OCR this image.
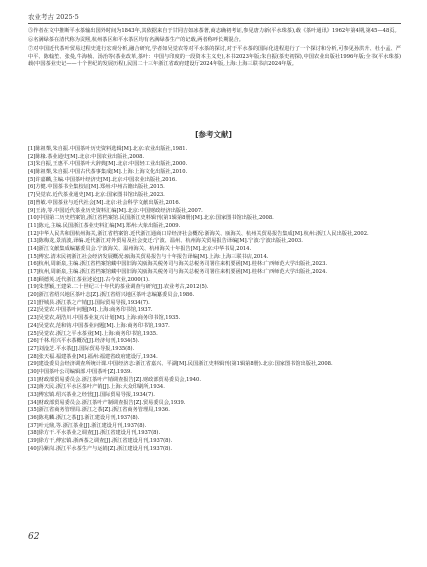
农业考古 2025·5

⑤作者在文中推断平水茶输出国外时间为1843年,其依据来自于甘同吉如冰茶著,商志确初考证,参见唐力新(平水珠茶),载《茶叶通讯》1962年第4期,第45—48页。

⑥名满绿茶在清代称为贡熙,杭州茶区和平水茶区均有名满绿茶生产的记载,两者称呼长期混合。

⑦对中国近代茶叶贸易过程史进行宏观分析,融合研究,学者如吴觉农等对平水茶的探讨,对于平水茶的国际化进程进行了一个探讨和分析,可参见孙洪升、杜小孟、严中平、陈翰笙、张曼,牛海桢、汤治等(茶业改革,茶叶：中国与印度的一段资本主义史),本书2023年版;朱自振(茶史初探),中国农业出版社1996年版;全书(平水珠茶)载(中国茶业史记——十个世纪的发展历程),民国二十三年浙江省政府建设厅2024年版,上海:上海三联书店2024年版。

[参考文献]

[1]陈祖槼,朱自振.中国茶叶历史资料选辑[M].北京:农业出版社,1981.

[2]陈椽.茶业通史[M].北京:中国农业出版社,2008.

[3]朱自振,王惠平.中国茶叶大辞典[M].北京:中国轻工业出版社,2000.

[4]陈祖槼,朱自振.中国古代茶事集成[M].上海:上海文化出版社,2010.

[5]许嘉麟,主编.中国茶叶经济史[M].北京:中国农业出版社,2016.

[6]方健.中国茶书全集校证[M].郑州:中州古籍出版社,2015.

[7]吴觉农.近代茶业通史[M].北京:国家图书馆出版社,2023.

[8]曾敏.中国茶业与近代社会[M].北京:社会科学文献出版社,2016.

[9]王涛,等.中国近代茶业历史资料汇编[M].北京:中国财政经济出版社,2007.

[10]中国第二历史档案馆,浙江省档案馆.民国浙江史料辑刊(第1辑第8册)[M].北京:国家图书馆出版社,2008.

[11]陈元,主编.民国浙江茶业史料汇编[M].郑州:大象出版社,2009.

[12]中华人民共和国杭州海关,浙江省档案馆.近代浙江通商口岸经济社会概况:浙海关、瓯海关、杭州关贸易报告集成[M].杭州:浙江人民出版社,2002.

[13]陈梅龙,景消波,译编.近代浙江对外贸易及社会变迁:宁波、温州、杭州海关贸易报告译编[M].宁波:宁波出版社,2003.

[14]浙江文献集成编纂委员会.宁波海关、温州海关、杭州海关十年报告[M].北京:中华书局,2014.

[15]傅宏.清末民初浙江社会经济发展概况:瓯海关贸易报告与十年报告译编[M].上海:上海三联书店,2014.

[16]杭州,周新泉,主编.浙江省档案馆藏中国旧海关瓯海关税务司与海关总税务司署往来机要函[M].桂林:广西师范大学出版社,2023.

[17]杭州,周新泉,主编.浙江省档案馆藏中国旧海关瓯海关税务司与海关总税务司署往来机要函[M].桂林:广西师范大学出版社,2024.

[18]顾德英.近代浙江茶业述论[J].古今农业,2000(1).

[19]朱慧颖,王建荣.二十世纪三十年代的茶业调查与研究[J].农业考古,2012(5).

[20]浙江省绍兴地区茶叶志[Z].浙江省绍兴地区茶叶志编纂委员会,1986.

[21]舒城县.浙江茶之产销[J].国际贸易导报,1934(7).

[22]吴觉农.中国茶叶问题[M].上海:商务印书馆,1937.

[23]吴觉农,胡浩川.中国茶业复兴计划[M].上海:商务印书馆,1935.

[24]吴觉农,范和钧.中国茶业问题[M].上海:商务印书馆,1937.

[25]吴觉农.浙江之平水茶业[M].上海:商务印书馆,1935.

[26]千林.绍兴平水茶概况[J].经济旬刊,1934(5).

[27]刘淦芝.平水茶[J].国际贸易导报,1935(8).

[28]张天福.福建茶业[M].福州:福建省政府建设厅,1934.

[29]建设委员会经济调查所统计课.中国经济志:浙江省嘉兴、平湖[M].民国浙江史料辑刊(第1辑第8册).北京:国家图书馆出版社,2008.

[30]中国茶叶公司编辑部.中国茶叶[Z].1939.

[31]财政部贸易委员会.浙江茶叶产销调查报告[Z].财政部贸易委员会,1940.

[32]蒋天民.浙江平水区茶叶产销[J].上海:大众印刷所,1934.

[33]傅宏镇.绍兴茶业之经营[J].国际贸易导报,1934(7).

[34]财政部贸易委员会.浙江茶叶产制调查报告[Z].贸易委员会,1939.

[35]浙江省商务管理局.浙江之茶[Z].浙江省商务管理局,1936.

[36]陈兆麟.浙江之茶[J].浙江建设月刊,1937(8).

[37]叶元鼎,等.浙江茶业[J].浙江建设月刊,1937(8).

[38]徐方干.平水茶业之调查[J].浙江省建设月刊,1937(8).

[39]徐方干,傅宏镇.浙西茶之调查[J].浙江省建设月刊,1937(8).

[40]冯紫岗.浙江平水茶生产与运销[Z].浙江建设月刊,1937(8).

62
